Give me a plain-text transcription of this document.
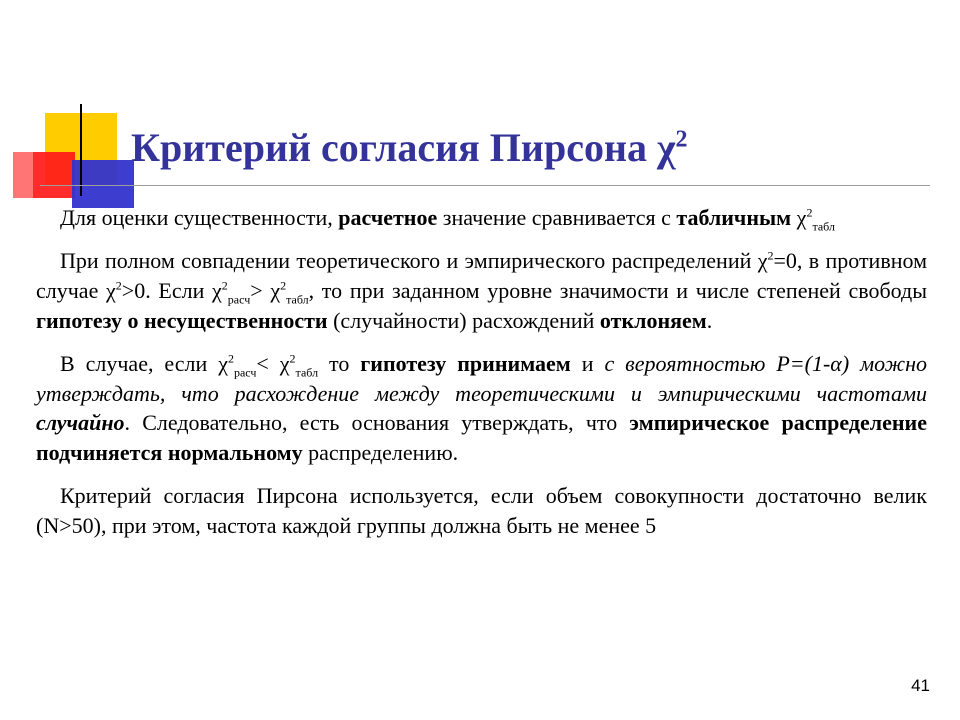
Критерий согласия Пирсона $\chi^2$

Для оценки существенности, расчетное значение сравнивается с табличным $\chi^2_{табл}$

При полном совпадении теоретического и эмпирического распределений $\chi^2=0$, в противном случае $\chi^2>0$. Если $\chi^2_{расч}> \chi^2_{табл}$, то при заданном уровне значимости и числе степеней свободы гипотезу о несущественности (случайности) расхождений отклоняем.

В случае, если $\chi^2_{расч}< \chi^2_{табл}$ то гипотезу принимаем и с вероятностью P=(1-α) можно утверждать, что расхождение между теоретическими и эмпирическими частотами случайно. Следовательно, есть основания утверждать, что эмпирическое распределение подчиняется нормальному распределению.

Критерий согласия Пирсона используется, если объем совокупности достаточно велик (N>50), при этом, частота каждой группы должна быть не менее 5

41
